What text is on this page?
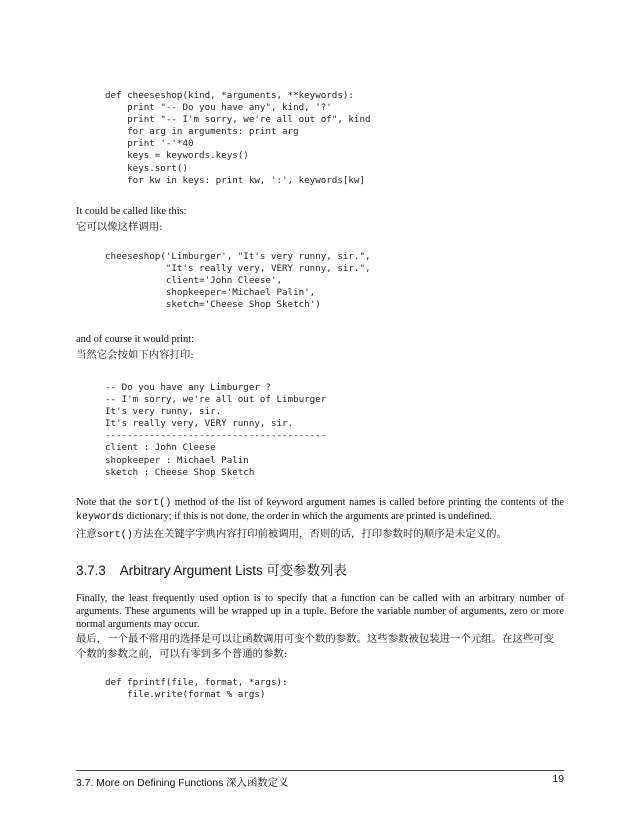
def cheeseshop(kind, *arguments, **keywords):
print "-- Do you have any", kind, '?'
print "-- I'm sorry, we're all out of", kind
for arg in arguments: print arg
print '-'*40
keys = keywords.keys()
keys.sort()
for kw in keys: print kw, ':', keywords[kw]

It could be called like this:

它可以像这样调用:

cheeseshop('Limburger', "It's very runny, sir.",
"It's really very, VERY runny, sir.",
client='John Cleese',
shopkeeper='Michael Palin',
sketch='Cheese Shop Sketch')

and of course it would print:

当然它会按如下内容打印:

-- Do you have any Limburger ?
-- I'm sorry, we're all out of Limburger
It's very runny, sir.
It's really very, VERY runny, sir.
----------------------------------------
client : John Cleese
shopkeeper : Michael Palin
sketch : Cheese Shop Sketch

Note that the sort() method of the list of keyword argument names is called before printing the contents of the keywords dictionary; if this is not done, the order in which the arguments are printed is undefined.

注意sort()方法在关键字字典内容打印前被调用，否则的话，打印参数时的顺序是未定义的。

3.7.3 Arbitrary Argument Lists 可变参数列表

Finally, the least frequently used option is to specify that a function can be called with an arbitrary number of arguments. These arguments will be wrapped up in a tuple. Before the variable number of arguments, zero or more normal arguments may occur.

最后，一个最不常用的选择是可以让函数调用可变个数的参数。这些参数被包装进一个元组。在这些可变个数的参数之前，可以有零到多个普通的参数:

def fprintf(file, format, *args):
file.write(format % args)
3.7. More on Defining Functions 深入函数定义	19
